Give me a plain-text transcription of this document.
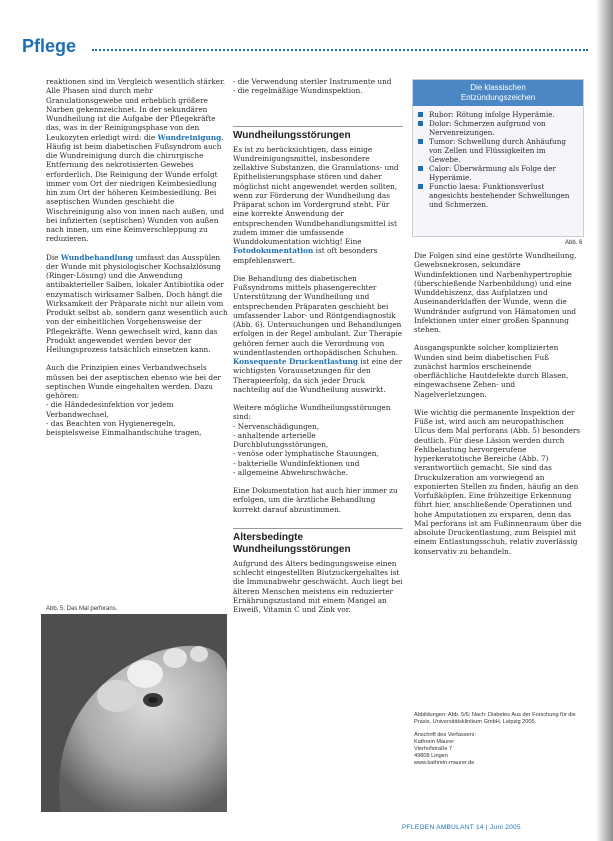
Pflege

reaktionen sind im Vergleich wesentlich stärker. Alle Phasen sind durch mehr Granulationsgewebe und erheblich größere Narben gekennzeichnet. In der sekundären Wundheilung ist die Aufgabe der Pflegekräfte das, was in der Reinigungsphase von den Leukozyten erledigt wird: die Wundreinigung. Häufig ist beim diabetischen Fußsyndrom auch die Wundreinigung durch die chirurgische Entfernung des nekrotisierten Gewebes erforderlich. Die Reinigung der Wunde erfolgt immer vom Ort der niedrigen Keimbesiedlung hin zum Ort der höheren Keimbesiedlung. Bei aseptischen Wunden geschieht die Wischreinigung also von innen nach außen, und bei infizierten (septischen) Wunden von außen nach innen, um eine Keimverschleppung zu reduzieren.

Die Wundbehandlung umfasst das Ausspülen der Wunde mit physiologischer Kochsalzlösung (Ringer-Lösung) und die Anwendung antibakterieller Salben, lokaler Antibiotika oder enzymatisch wirksamer Salben. Doch hängt die Wirksamkeit der Präparate nicht nur allein vom Produkt selbst ab, sondern ganz wesentlich auch von der einheitlichen Vorgehensweise der Pflegekräfte. Wenn gewechselt wird, kann das Produkt angewendet werden bevor der Heilungsprozess tatsächlich einsetzen kann.

Auch die Prinzipien eines Verbandwechsels müssen bei der aseptischen ebenso wie bei der septischen Wunde eingehalten werden. Dazu gehören:

- die Händedesinfektion vor jedem Verbandwechsel,
- das Beachten von Hygieneregeln, beispielsweise Einmalhandschuhe tragen,
Abb. 5: Das Mal perforans.
- die Verwendung steriler Instrumente und
- die regelmäßige Wundinspektion.
Wundheilungsstörungen

Es ist zu berücksichtigen, dass einige Wundreinigungsmittel, insbesondere zellaktive Substanzen, die Granulations- und Epithelisierungsphase stören und daher möglichst nicht angewendet werden sollten, wenn zur Förderung der Wundheilung das Präparat schon im Vordergrund steht. Für eine korrekte Anwendung der entsprechenden Wundbehandlungsmittel ist zudem immer die umfassende Wunddokumentation wichtig! Eine Fotodokumentation ist oft besonders empfehlenswert.

Die Behandlung des diabetischen Fußsyndroms mittels phasengerechter Unterstützung der Wundheilung und entsprechenden Präparaten geschieht bei umfassender Labor- und Röntgendiagnostik (Abb. 6). Untersuchungen und Behandlungen erfolgen in der Regel ambulant. Zur Therapie gehören ferner auch die Verordnung von wundentlastenden orthopädischen Schuhen. Konsequente Druckentlastung ist eine der wichtigsten Voraussetzungen für den Therapieerfolg, da sich jeder Druck nachteilig auf die Wundheilung auswirkt.

Weitere mögliche Wundheilungsstörungen sind:

- Nervenschädigungen,
- anhaltende arterielle Durchblutungsstörungen,
- venöse oder lymphatische Stauungen,
- bakterielle Wundinfektionen und
- allgemeine Abwehrschwäche.

Eine Dokumentation hat auch hier immer zu erfolgen, um die ärztliche Behandlung korrekt darauf abzustimmen.

Altersbedingte
Wundheilungsstörungen

Aufgrund des Alters bedingungsweise einen schlecht eingestellten Blutzuckergehaltes ist die Immunabwehr geschwächt. Auch liegt bei älteren Menschen meistens ein reduzierter Ernährungszustand mit einem Mangel an Eiweiß, Vitamin C und Zink vor.

Die klassischen
Entzündungszeichen
Rubor: Rötung infolge Hyperämie.
Dolor: Schmerzen aufgrund von Nervenreizungen.
Tumor: Schwellung durch Anhäufung von Zellen und Flüssigkeiten im Gewebe.
Calor: Überwärmung als Folge der Hyperämie.
Functio laesa: Funktionsverlust angesichts bestehender Schwellungen und Schmerzen.
Abb. 6

Die Folgen sind eine gestörte Wundheilung, Gewebsnekrosen, sekundäre Wundinfektionen und Narbenhypertrophie (überschießende Narbenbildung) und eine Wunddehiszenz, das Aufplatzen und Auseinanderklaffen der Wunde, wenn die Wundränder aufgrund von Hämatomen und Infektionen unter einer großen Spannung stehen.

Ausgangspunkte solcher komplizierten Wunden sind beim diabetischen Fuß zunächst harmlos erscheinende oberflächliche Hautdefekte durch Blasen, eingewachsene Zehen- und Nagelverletzungen.

Wie wichtig die permanente Inspektion der Füße ist, wird auch am neuropathischen Ulcus dem Mal perforans (Abb. 5) besonders deutlich. Für diese Läsion werden durch Fehlbelastung hervorgerufene hyperkeratotische Bereiche (Abb. 7) verantwortlich gemacht. Sie sind das Druckulzeration am vorwiegend an exponierten Stellen zu finden, häufig an den Vorfußköpfen. Eine frühzeitige Erkennung führt hier, anschließende Operationen und hohe Amputationen zu ersparen, denn das Mal perforans ist am Fußinnenraum über die absolute Druckentlastung, zum Beispiel mit einem Entlastungsschuh, relativ zuverlässig konservativ zu behandeln.

Abbildungen: Abb. 5/6: Nach: Diabetes Aus der Forschung für die Praxis, Universitätsklinikum GmbH, Leipzig 2005.
Anschrift des Verfassers:
Kathrein Maurer
Vierhofstraße 7
49808 Lingen
www.kathrein-maurer.de
PFLEGEN AMBULANT 14 | Juni 2005
